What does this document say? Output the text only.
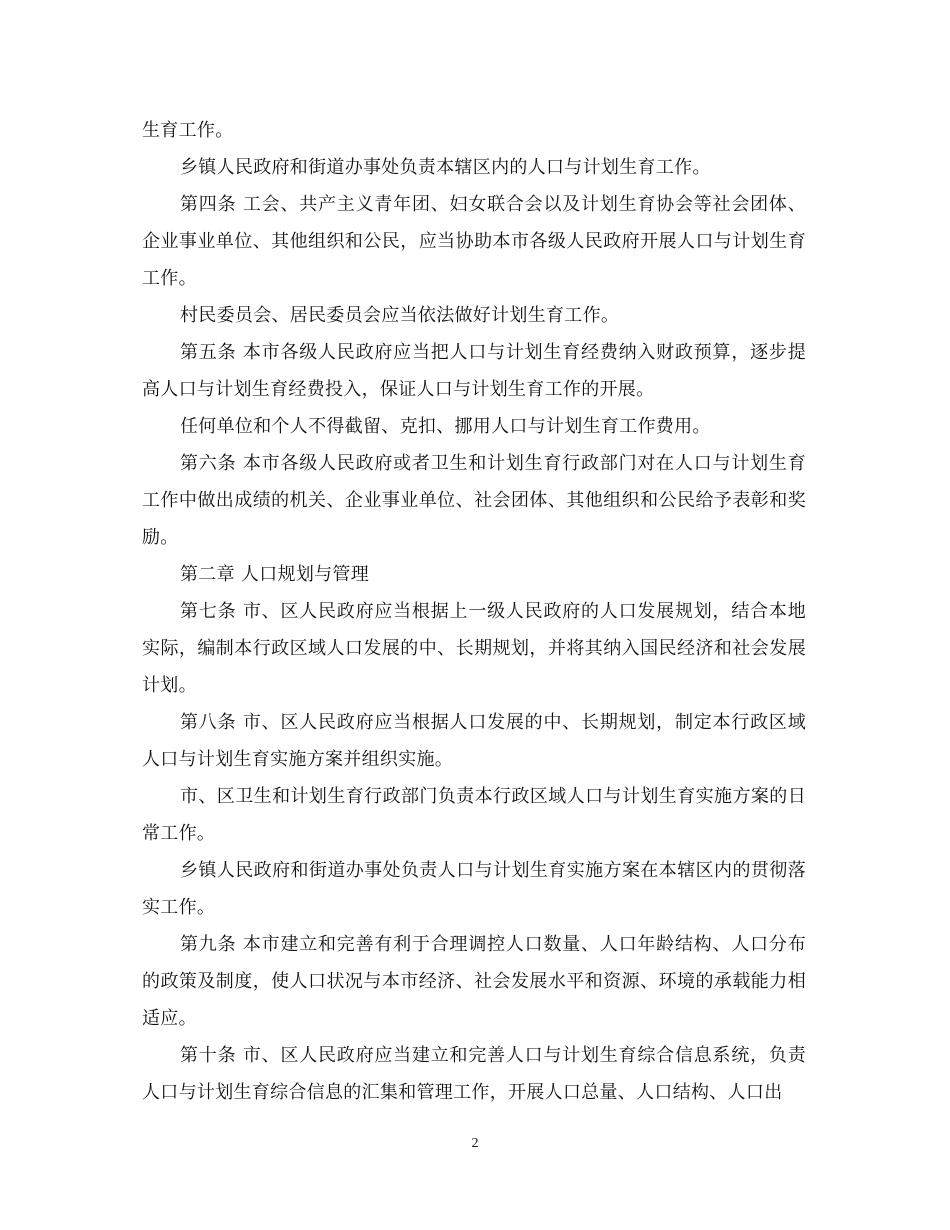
生育工作。

乡镇人民政府和街道办事处负责本辖区内的人口与计划生育工作。

第四条 工会、共产主义青年团、妇女联合会以及计划生育协会等社会团体、企业事业单位、其他组织和公民，应当协助本市各级人民政府开展人口与计划生育工作。

村民委员会、居民委员会应当依法做好计划生育工作。

第五条 本市各级人民政府应当把人口与计划生育经费纳入财政预算，逐步提高人口与计划生育经费投入，保证人口与计划生育工作的开展。

任何单位和个人不得截留、克扣、挪用人口与计划生育工作费用。

第六条 本市各级人民政府或者卫生和计划生育行政部门对在人口与计划生育工作中做出成绩的机关、企业事业单位、社会团体、其他组织和公民给予表彰和奖励。

第二章 人口规划与管理

第七条 市、区人民政府应当根据上一级人民政府的人口发展规划，结合本地实际，编制本行政区域人口发展的中、长期规划，并将其纳入国民经济和社会发展计划。

第八条 市、区人民政府应当根据人口发展的中、长期规划，制定本行政区域人口与计划生育实施方案并组织实施。

市、区卫生和计划生育行政部门负责本行政区域人口与计划生育实施方案的日常工作。

乡镇人民政府和街道办事处负责人口与计划生育实施方案在本辖区内的贯彻落实工作。

第九条 本市建立和完善有利于合理调控人口数量、人口年龄结构、人口分布的政策及制度，使人口状况与本市经济、社会发展水平和资源、环境的承载能力相适应。

第十条 市、区人民政府应当建立和完善人口与计划生育综合信息系统，负责人口与计划生育综合信息的汇集和管理工作，开展人口总量、人口结构、人口出

2
